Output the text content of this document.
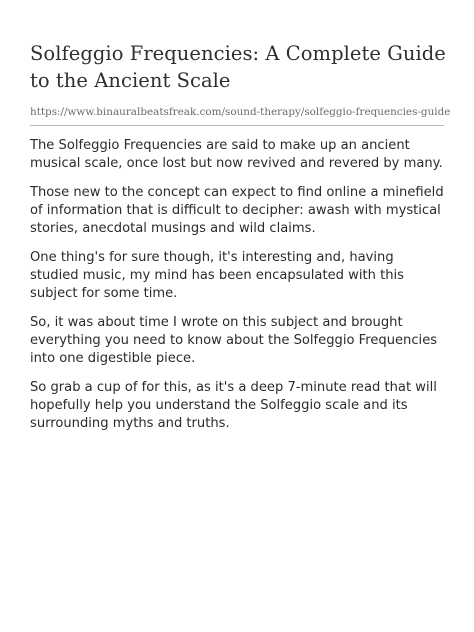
Solfeggio Frequencies: A Complete Guide to the Ancient Scale
https://www.binauralbeatsfreak.com/sound-therapy/solfeggio-frequencies-guide

The Solfeggio Frequencies are said to make up an ancient musical scale, once lost but now revived and revered by many.

Those new to the concept can expect to find online a minefield of information that is difficult to decipher: awash with mystical stories, anecdotal musings and wild claims.

One thing's for sure though, it's interesting and, having studied music, my mind has been encapsulated with this subject for some time.

So, it was about time I wrote on this subject and brought everything you need to know about the Solfeggio Frequencies into one digestible piece.

So grab a cup of for this, as it's a deep 7-minute read that will hopefully help you understand the Solfeggio scale and its surrounding myths and truths.
